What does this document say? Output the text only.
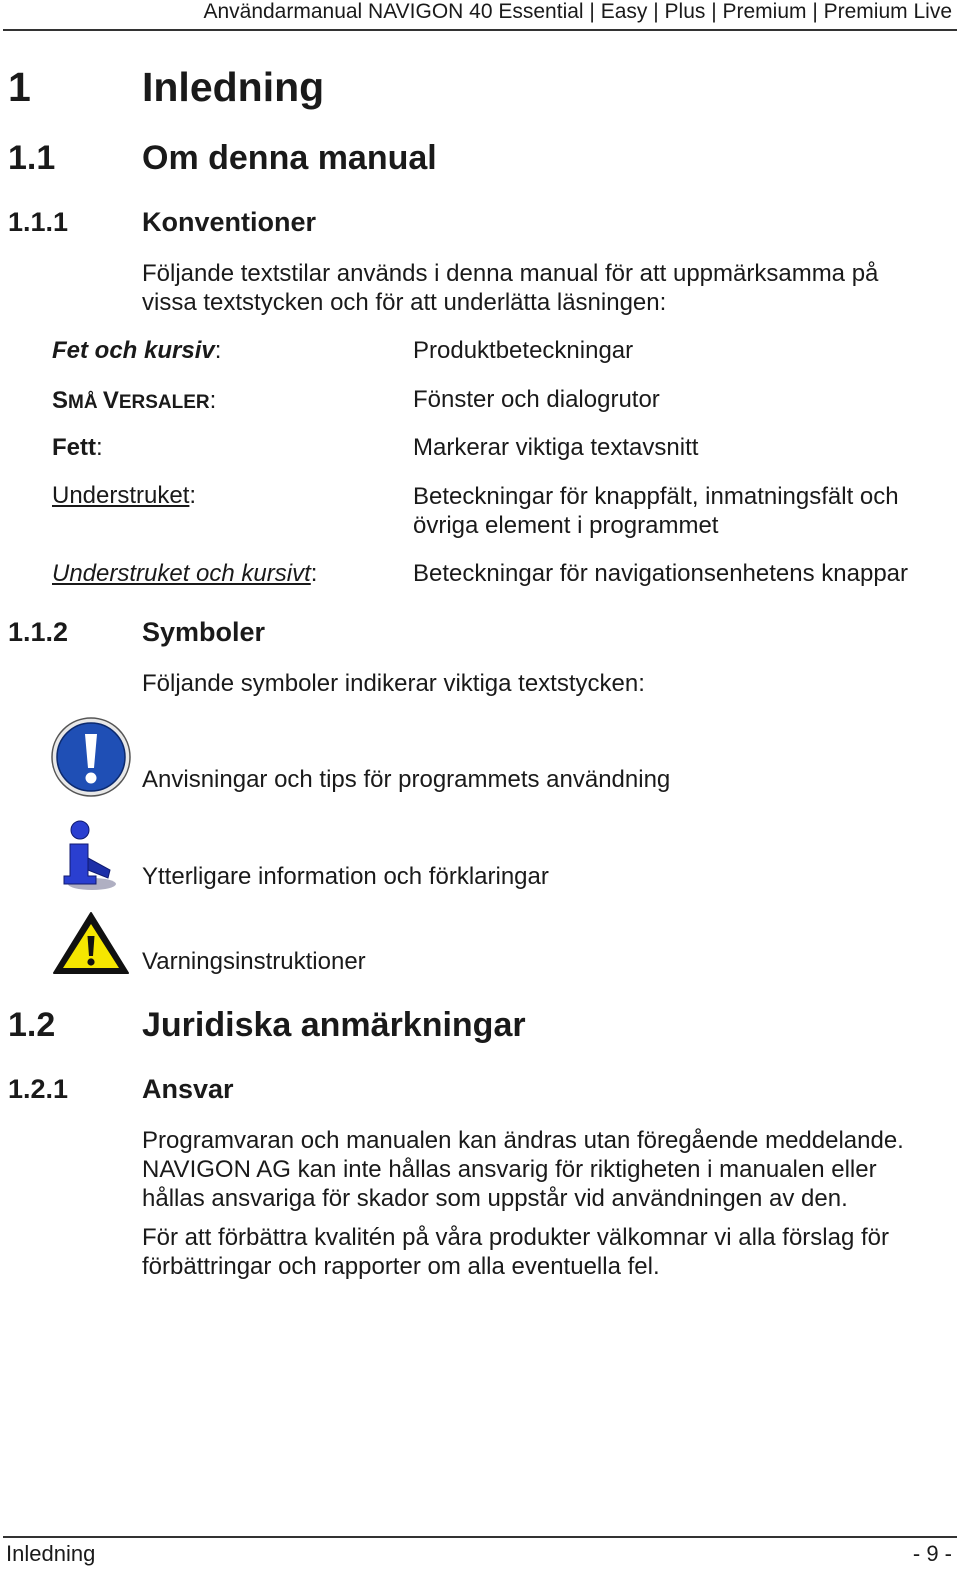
Användarmanual NAVIGON 40 Essential | Easy | Plus | Premium | Premium Live
1	Inledning
1.1	Om denna manual
1.1.1	Konventioner
Följande textstilar används i denna manual för att uppmärksamma på
vissa textstycken och för att underlätta läsningen:
Fet och kursiv:	Produktbeteckningar
SMÅ VERSALER:	Fönster och dialogrutor
Fett:	Markerar viktiga textavsnitt
Understruket:	Beteckningar för knappfält, inmatningsfält och
övriga element i programmet
Understruket och kursivt:	Beteckningar för navigationsenhetens knappar
1.1.2	Symboler
Följande symboler indikerar viktiga textstycken:
Anvisningar och tips för programmets användning
Ytterligare information och förklaringar
Varningsinstruktioner
1.2	Juridiska anmärkningar
1.2.1	Ansvar
Programvaran och manualen kan ändras utan föregående meddelande.
NAVIGON AG kan inte hållas ansvarig för riktigheten i manualen eller
hållas ansvariga för skador som uppstår vid användningen av den.
För att förbättra kvalitén på våra produkter välkomnar vi alla förslag för
förbättringar och rapporter om alla eventuella fel.
Inledning	- 9 -
